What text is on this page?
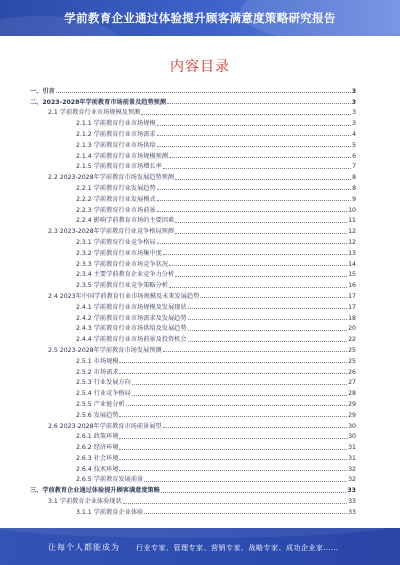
学前教育企业通过体验提升顾客满意度策略研究报告
内容目录
一、引言	3
二、2023-2028年学前教育市场前景及趋势预测	3
2.1 学前教育行业市场规模及预测	3
2.1.1 学前教育行业市场规模	3
2.1.2 学前教育行业市场需求	4
2.1.3 学前教育行业市场供给	5
2.1.4 学前教育行业市场规模预测	6
2.1.5 学前教育行业市场增长率	7
2.2 2023-2028年学前教育市场发展趋势预测	8
2.2.1 学前教育行业发展趋势	8
2.2.2 学前教育行业发展模式	9
2.2.3 学前教育行业市场前景	10
2.2.4 影响学前教育市场的主要因素	11
2.3 2023-2028年学前教育行业竞争格局预测	12
2.3.1 学前教育行业竞争格局	12
2.3.2 学前教育行业市场集中度	13
2.3.3 学前教育行业市场竞争状况	14
2.3.4 主要学前教育企业竞争力分析	15
2.3.5 学前教育行业竞争策略分析	16
2.4 2023年中国学前教育行业市场规模及未来发展趋势	17
2.4.1 学前教育行业市场规模及发展现状	17
2.4.2 学前教育行业市场需求及发展趋势	18
2.4.3 学前教育行业市场供给及发展趋势	20
2.4.4 学前教育行业市场前景及投资机会	22
2.5 2023-2028年学前教育市场发展预测	25
2.5.1 市场规模	25
2.5.2 市场需求	26
2.5.3 行业发展方向	27
2.5.4 行业竞争格局	28
2.5.5 产业链分析	29
2.5.6 发展趋势	29
2.6 2023-2028年学前教育市场前景展望	30
2.6.1 政策环境	30
2.6.2 经济环境	31
2.6.3 社会环境	31
2.6.4 技术环境	32
2.6.5 学前教育发展前景	32
三、学前教育企业通过体验提升顾客满意度策略	33
3.1 学前教育企业体验现状	33
3.1.1 学前教育企业体验	33
让每个人都能成为 行业专家、管理专家、营销专家、战略专家、成功企业家……
